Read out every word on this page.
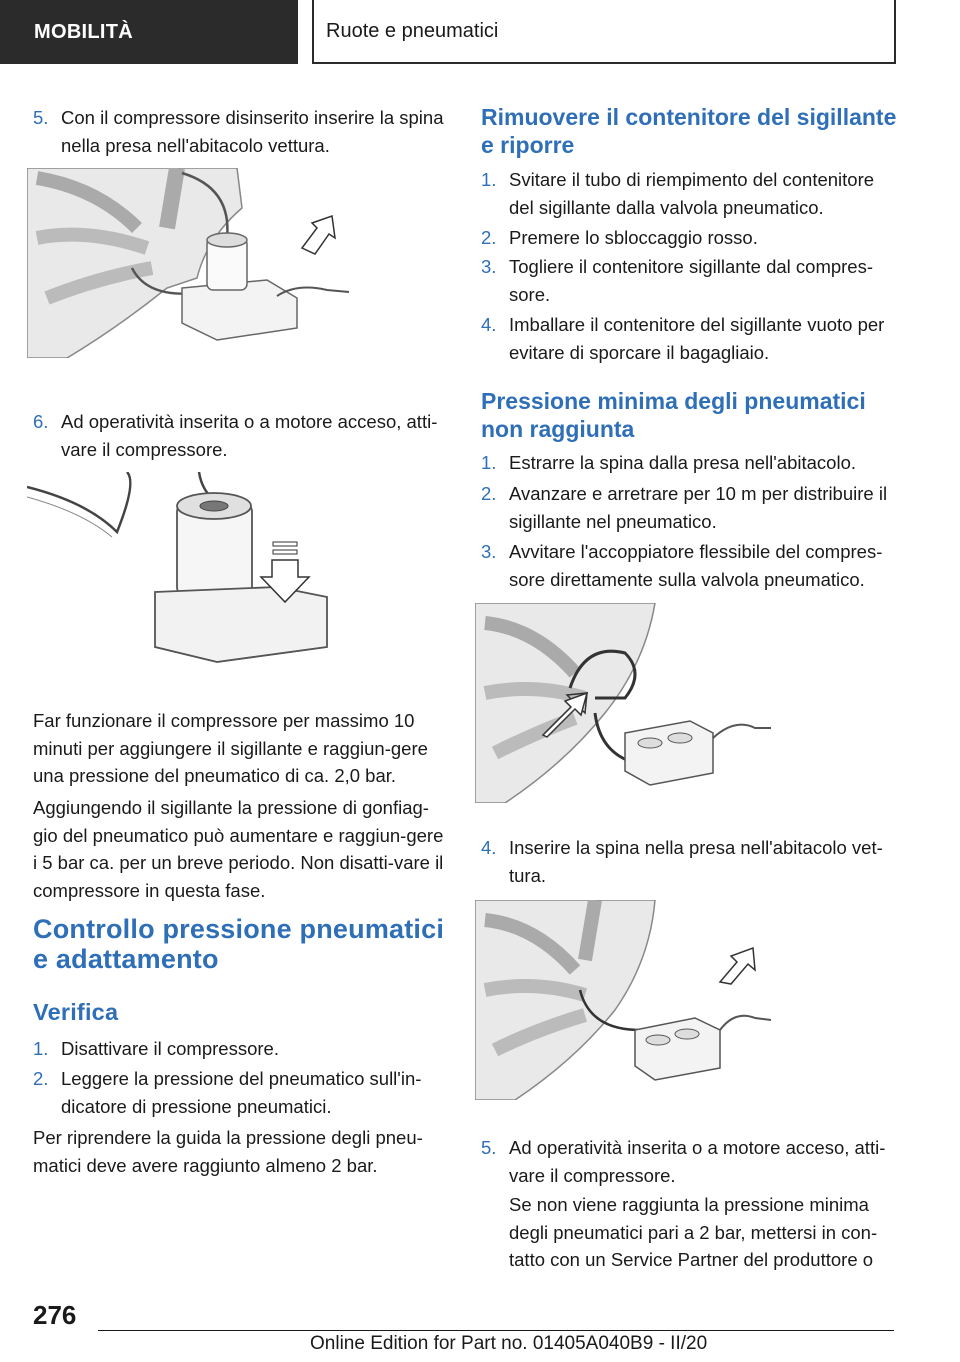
MOBILITÀ	Ruote e pneumatici
5. Con il compressore disinserito inserire la spina nella presa nell'abitacolo vettura.
6. Ad operatività inserita o a motore acceso, atti‐vare il compressore.
Far funzionare il compressore per massimo 10 minuti per aggiungere il sigillante e raggiun‐gere una pressione del pneumatico di ca. 2,0 bar.
Aggiungendo il sigillante la pressione di gonfiag‐gio del pneumatico può aumentare e raggiun‐gere i 5 bar ca. per un breve periodo. Non disatti‐vare il compressore in questa fase.
Controllo pressione pneumatici e adattamento
Verifica
1. Disattivare il compressore.
2. Leggere la pressione del pneumatico sull'in‐dicatore di pressione pneumatici.
Per riprendere la guida la pressione degli pneu‐matici deve avere raggiunto almeno 2 bar.
Rimuovere il contenitore del sigillante e riporre
1. Svitare il tubo di riempimento del contenitore del sigillante dalla valvola pneumatico.
2. Premere lo sbloccaggio rosso.
3. Togliere il contenitore sigillante dal compres‐sore.
4. Imballare il contenitore del sigillante vuoto per evitare di sporcare il bagagliaio.
Pressione minima degli pneumatici non raggiunta
1. Estrarre la spina dalla presa nell'abitacolo.
2. Avanzare e arretrare per 10 m per distribuire il sigillante nel pneumatico.
3. Avvitare l'accoppiatore flessibile del compres‐sore direttamente sulla valvola pneumatico.
4. Inserire la spina nella presa nell'abitacolo vet‐tura.
5. Ad operatività inserita o a motore acceso, atti‐vare il compressore.
Se non viene raggiunta la pressione minima degli pneumatici pari a 2 bar, mettersi in con‐tatto con un Service Partner del produttore o
276
Online Edition for Part no. 01405A040B9 - II/20
